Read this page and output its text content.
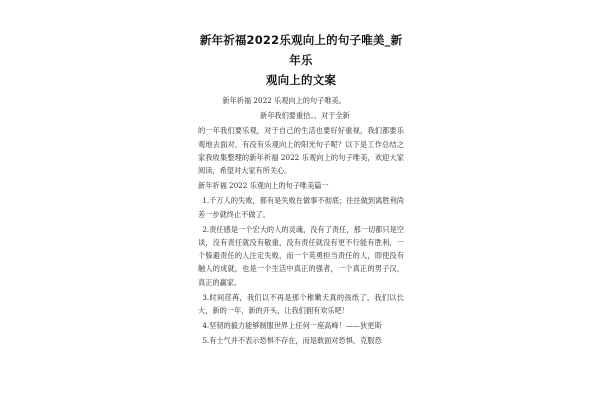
新年祈福2022乐观向上的句子唯美_新年乐
观向上的文案

新年祈福 2022 乐观向上的句子唯美。

新年我们要重拾。。对于全新

的一年我们要乐观，对于自己的生活也要好好重视，我们都要乐观地去面对。有没有乐观向上的阳光句子呢？以下是工作总结之家我收集整理的新年祈福 2022 乐观向上的句子唯美，欢迎大家阅读，希望对大家有所关心。

新年祈福 2022 乐观向上的句子唯美篇一

1.千万人的失败，都有是失败在做事不彻底；往往做到离胜利尚差一步就终止不做了。

2.责任感是一个宏大的人的灵魂，没有了责任，那一切都只是空谈，没有责任就没有敬重，没有责任就没有更不行能有胜利，一个躲避责任的人注定失败，而一个英勇担当责任的人，即使没有触人的成就，也是一个生活中真正的强者，一个真正的男子汉，真正的赢家。

3.时间荏苒，我们以不再是那个稚嫩天真的孩纸了，我们以长大，新的一年，新的开头，让我们拥有欢乐吧！

4.坚韧的毅力能够制服世界上任何一座高峰！——狄更斯

5.有士气并不表示恐惧不存在，而是敢面对恐惧、克服恐
